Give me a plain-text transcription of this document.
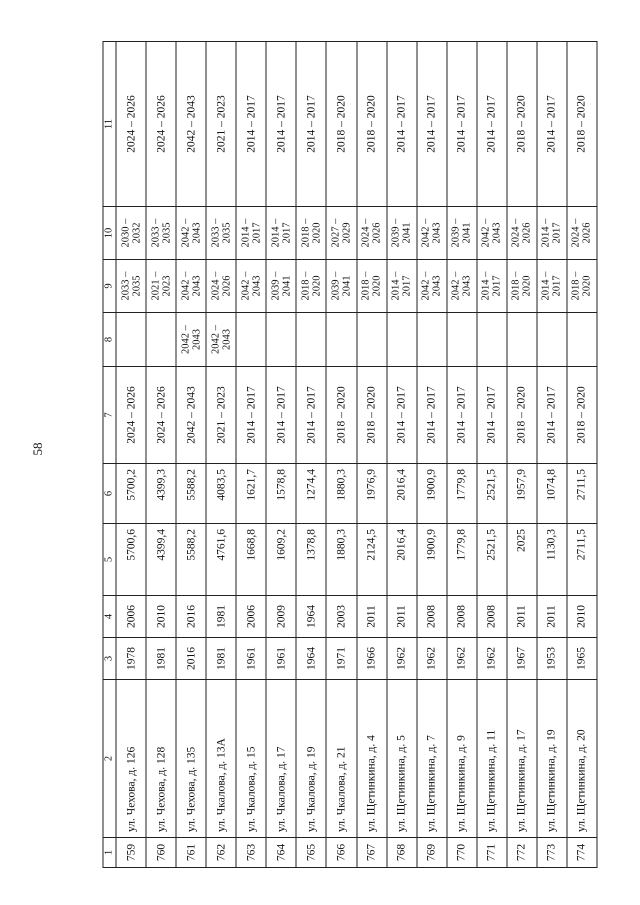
58
1	2	3	4	5	6	7	8	9	10	11
759	ул. Чехова, д. 126	1978	2006	5700,6	5700,2	2024 – 2026		2033 – 2035	2030 – 2032	2024 – 2026
760	ул. Чехова, д. 128	1981	2010	4399,4	4399,3	2024 – 2026		2021 – 2023	2033 – 2035	2024 – 2026
761	ул. Чехова, д. 135	2016	2016	5588,2	5588,2	2042 – 2043	2042 – 2043	2042 – 2043	2042 – 2043	2042 – 2043
762	ул. Чкалова, д. 13А	1981	1981	4761,6	4083,5	2021 – 2023	2042 – 2043	2024 – 2026	2033 – 2035	2021 – 2023
763	ул. Чкалова, д. 15	1961	2006	1668,8	1621,7	2014 – 2017		2042 – 2043	2014 – 2017	2014 – 2017
764	ул. Чкалова, д. 17	1961	2009	1609,2	1578,8	2014 – 2017		2039 – 2041	2014 – 2017	2014 – 2017
765	ул. Чкалова, д. 19	1964	1964	1378,8	1274,4	2014 – 2017		2018 – 2020	2018 – 2020	2014 – 2017
766	ул. Чкалова, д. 21	1971	2003	1880,3	1880,3	2018 – 2020		2039 – 2041	2027 – 2029	2018 – 2020
767	ул. Щетинкина, д. 4	1966	2011	2124,5	1976,9	2018 – 2020		2018 – 2020	2024 – 2026	2018 – 2020
768	ул. Щетинкина, д. 5	1962	2011	2016,4	2016,4	2014 – 2017		2014 – 2017	2039 – 2041	2014 – 2017
769	ул. Щетинкина, д. 7	1962	2008	1900,9	1900,9	2014 – 2017		2042 – 2043	2042 – 2043	2014 – 2017
770	ул. Щетинкина, д. 9	1962	2008	1779,8	1779,8	2014 – 2017		2042 – 2043	2039 – 2041	2014 – 2017
771	ул. Щетинкина, д. 11	1962	2008	2521,5	2521,5	2014 – 2017		2014 – 2017	2042 – 2043	2014 – 2017
772	ул. Щетинкина, д. 17	1967	2011	2025	1957,9	2018 – 2020		2018 – 2020	2024 – 2026	2018 – 2020
773	ул. Щетинкина, д. 19	1953	2011	1130,3	1074,8	2014 – 2017		2014 – 2017	2014 – 2017	2014 – 2017
774	ул. Щетинкина, д. 20	1965	2010	2711,5	2711,5	2018 – 2020		2018 – 2020	2024 – 2026	2018 – 2020
